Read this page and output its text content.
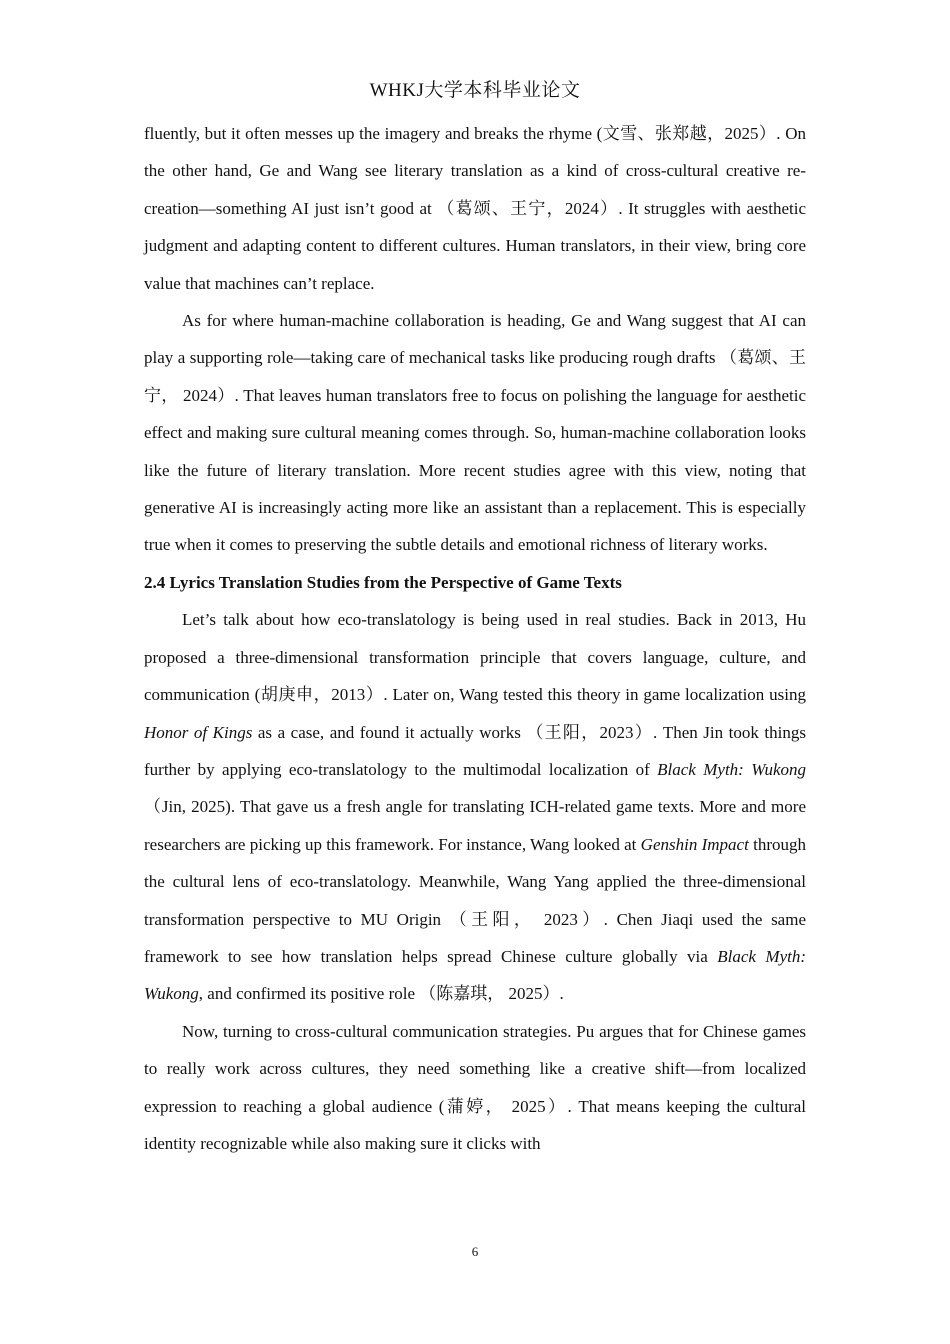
WHKJ大学本科毕业论文

fluently, but it often messes up the imagery and breaks the rhyme (文雪、张郑越，2025）. On the other hand, Ge and Wang see literary translation as a kind of cross-cultural creative re-creation—something AI just isn’t good at （葛颂、王宁，2024）. It struggles with aesthetic judgment and adapting content to different cultures. Human translators, in their view, bring core value that machines can’t replace.

As for where human-machine collaboration is heading, Ge and Wang suggest that AI can play a supporting role—taking care of mechanical tasks like producing rough drafts （葛颂、王宁， 2024）. That leaves human translators free to focus on polishing the language for aesthetic effect and making sure cultural meaning comes through. So, human-machine collaboration looks like the future of literary translation. More recent studies agree with this view, noting that generative AI is increasingly acting more like an assistant than a replacement. This is especially true when it comes to preserving the subtle details and emotional richness of literary works.

2.4 Lyrics Translation Studies from the Perspective of Game Texts

Let’s talk about how eco-translatology is being used in real studies. Back in 2013, Hu proposed a three-dimensional transformation principle that covers language, culture, and communication (胡庚申，2013）. Later on, Wang tested this theory in game localization using Honor of Kings as a case, and found it actually works （王阳，2023）. Then Jin took things further by applying eco-translatology to the multimodal localization of Black Myth: Wukong （Jin, 2025). That gave us a fresh angle for translating ICH-related game texts. More and more researchers are picking up this framework. For instance, Wang looked at Genshin Impact through the cultural lens of eco-translatology. Meanwhile, Wang Yang applied the three-dimensional transformation perspective to MU Origin （王阳， 2023）. Chen Jiaqi used the same framework to see how translation helps spread Chinese culture globally via Black Myth: Wukong, and confirmed its positive role （陈嘉琪， 2025）.

Now, turning to cross-cultural communication strategies. Pu argues that for Chinese games to really work across cultures, they need something like a creative shift—from localized expression to reaching a global audience (蒲婷， 2025）. That means keeping the cultural identity recognizable while also making sure it clicks with

6
